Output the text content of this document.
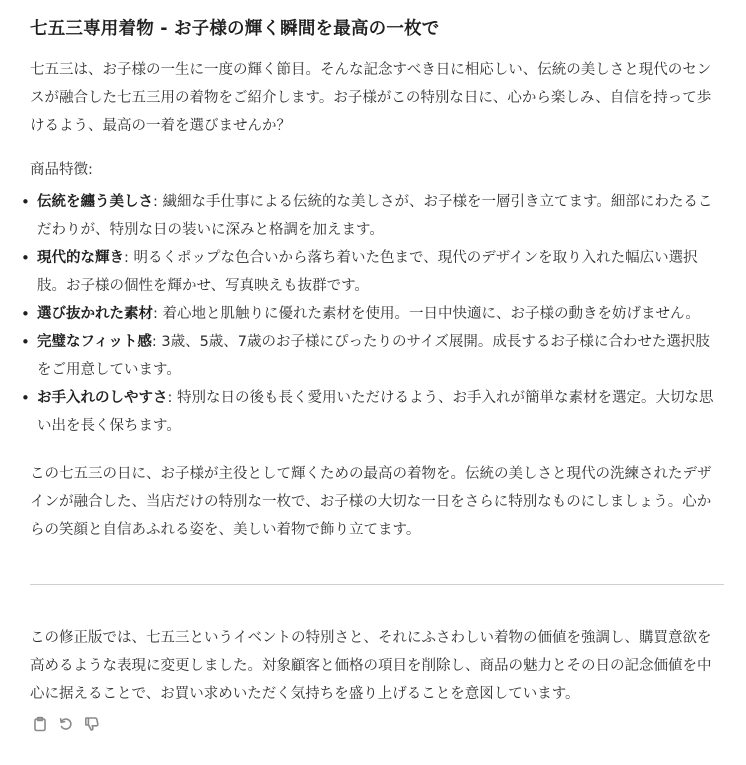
七五三専用着物 - お子様の輝く瞬間を最高の一枚で

七五三は、お子様の一生に一度の輝く節目。そんな記念すべき日に相応しい、伝統の美しさと現代のセンスが融合した七五三用の着物をご紹介します。お子様がこの特別な日に、心から楽しみ、自信を持って歩けるよう、最高の一着を選びませんか？

商品特徴:

• 伝統を纏う美しさ: 繊細な手仕事による伝統的な美しさが、お子様を一層引き立てます。細部にわたるこだわりが、特別な日の装いに深みと格調を加えます。
• 現代的な輝き: 明るくポップな色合いから落ち着いた色まで、現代のデザインを取り入れた幅広い選択肢。お子様の個性を輝かせ、写真映えも抜群です。
• 選び抜かれた素材: 着心地と肌触りに優れた素材を使用。一日中快適に、お子様の動きを妨げません。
• 完璧なフィット感: 3歳、5歳、7歳のお子様にぴったりのサイズ展開。成長するお子様に合わせた選択肢をご用意しています。
• お手入れのしやすさ: 特別な日の後も長く愛用いただけるよう、お手入れが簡単な素材を選定。大切な思い出を長く保ちます。

この七五三の日に、お子様が主役として輝くための最高の着物を。伝統の美しさと現代の洗練されたデザインが融合した、当店だけの特別な一枚で、お子様の大切な一日をさらに特別なものにしましょう。心からの笑顔と自信あふれる姿を、美しい着物で飾り立てます。

この修正版では、七五三というイベントの特別さと、それにふさわしい着物の価値を強調し、購買意欲を高めるような表現に変更しました。対象顧客と価格の項目を削除し、商品の魅力とその日の記念価値を中心に据えることで、お買い求めいただく気持ちを盛り上げることを意図しています。
